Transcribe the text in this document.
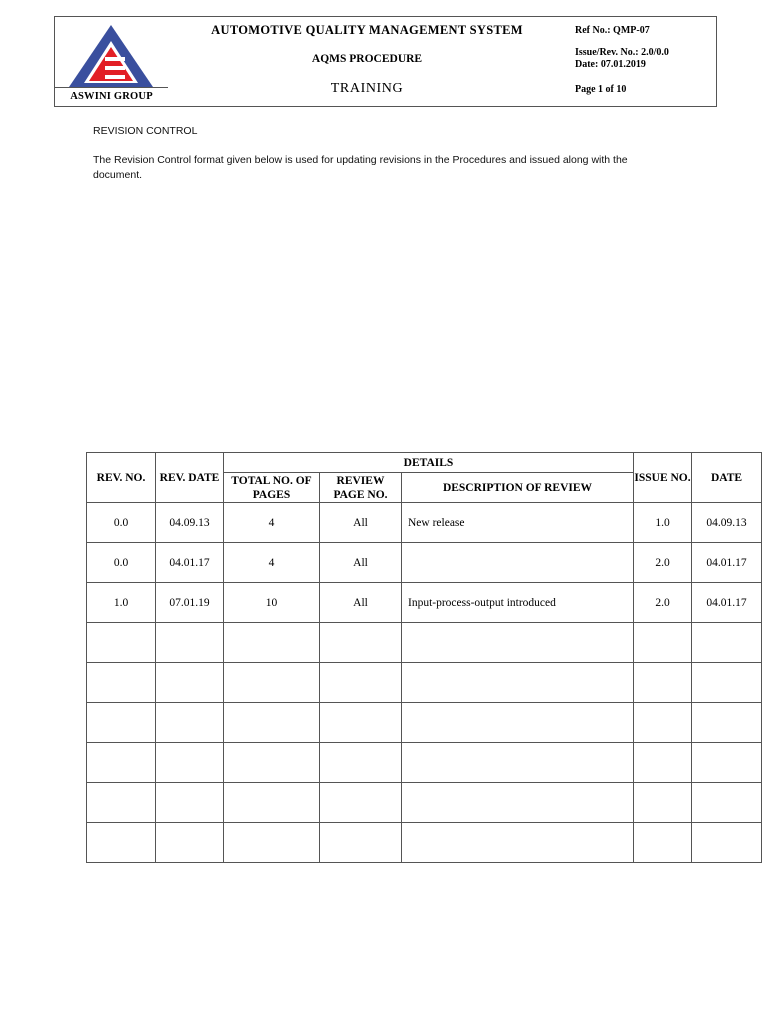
ASWINI GROUP
AUTOMOTIVE QUALITY MANAGEMENT SYSTEM
AQMS PROCEDURE
TRAINING
Ref No.: QMP-07
Issue/Rev. No.: 2.0/0.0
Date: 07.01.2019
Page 1 of 10
REVISION CONTROL
The Revision Control format given below is used for updating revisions in the Procedures and issued along with the document.
REV. NO.	REV. DATE	DETAILS			ISSUE NO.	DATE
		TOTAL NO. OF PAGES	REVIEW PAGE NO.	DESCRIPTION OF REVIEW		
0.0	04.09.13	4	All	New release	1.0	04.09.13
0.0	04.01.17	4	All		2.0	04.01.17
1.0	07.01.19	10	All	Input-process-output introduced	2.0	04.01.17
